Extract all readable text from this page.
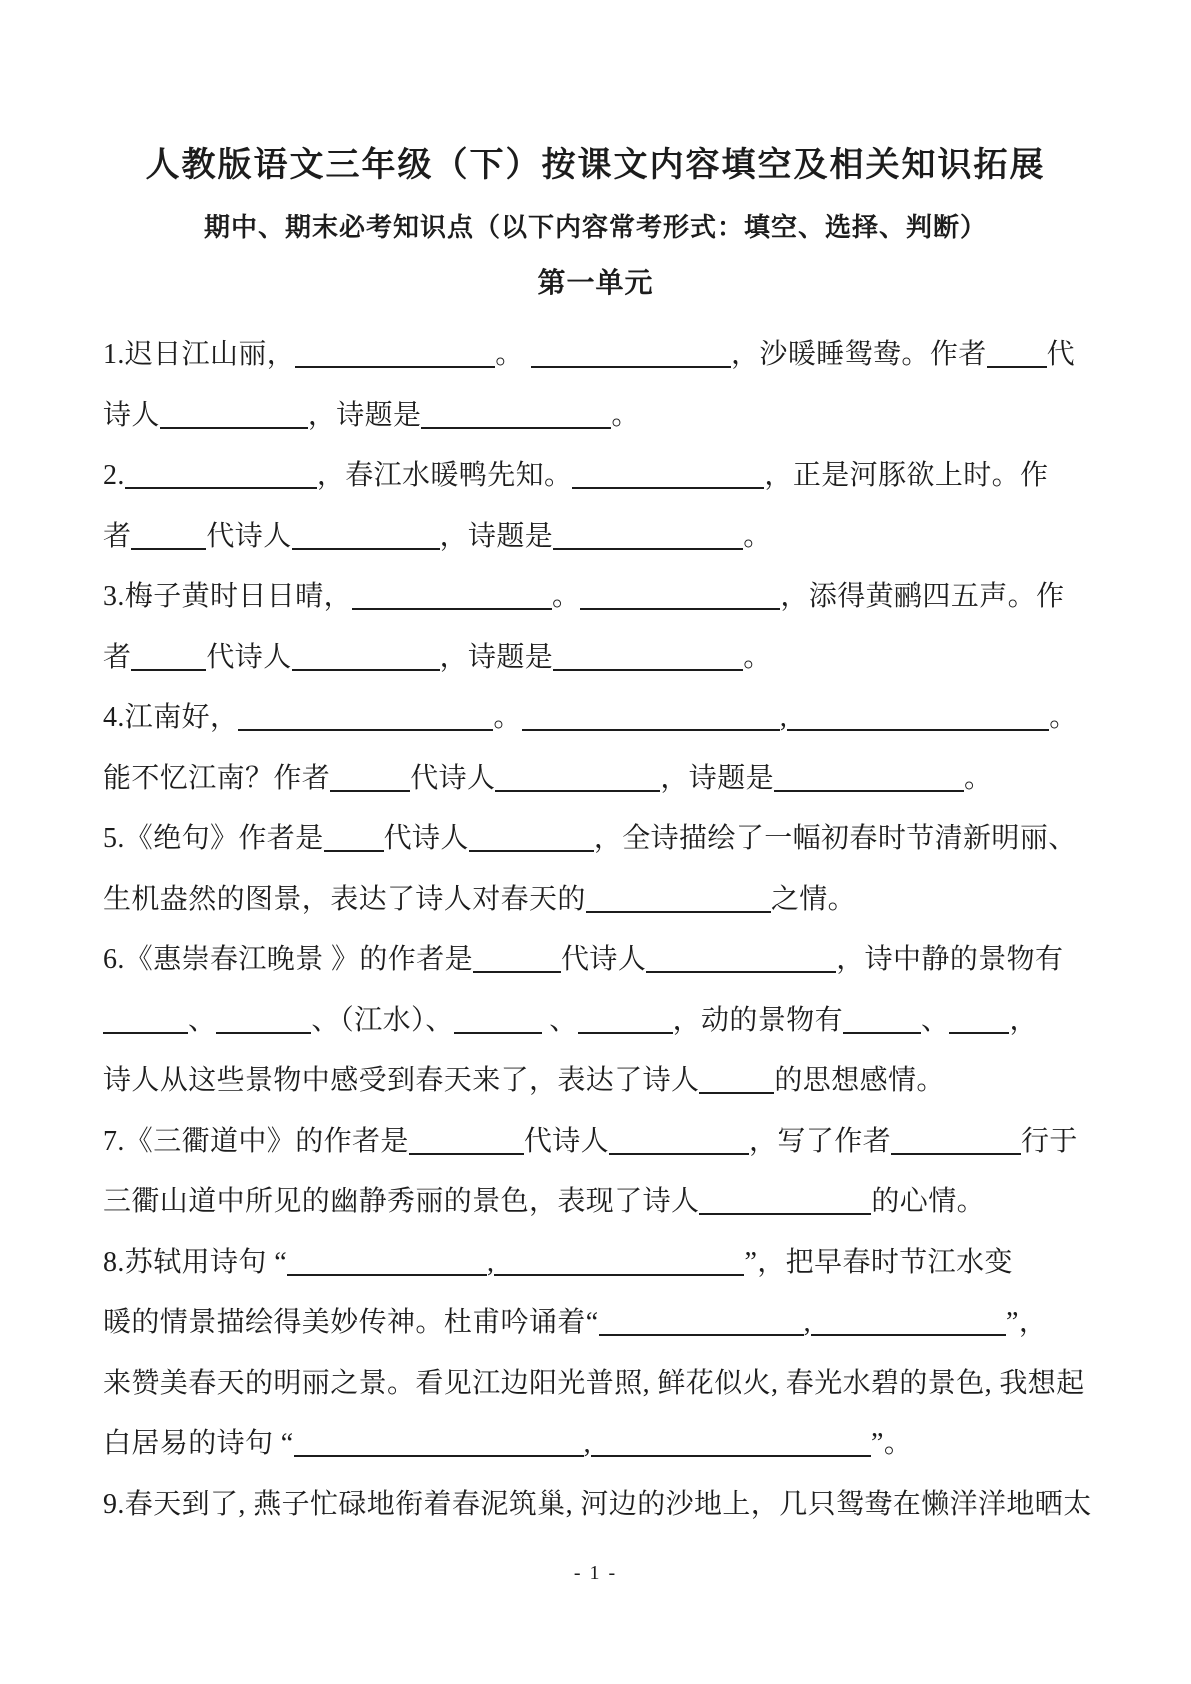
人教版语文三年级（下）按课文内容填空及相关知识拓展
期中、期末必考知识点（以下内容常考形式：填空、选择、判断）
第一单元
1.迟日江山丽，	。	，沙暖睡鸳鸯。作者 代
诗人	，诗题是	。
2.	，春江水暖鸭先知。	，正是河豚欲上时。作
者	代诗人	，诗题是	。
3.梅子黄时日日晴，	。	，添得黄鹂四五声。作
者	代诗人	，诗题是	。
4.江南好，	。	,	。
能不忆江南？作者	代诗人	，诗题是	。
5.《绝句》作者是 代诗人	，全诗描绘了一幅初春时节清新明丽、
生机盎然的图景，表达了诗人对春天的	之情。
6.《惠崇春江晚景 》的作者是	代诗人	，诗中静的景物有
、	、（江水）、	、	，动的景物有	、 ，
诗人从这些景物中感受到春天来了，表达了诗人	的思想感情。
7.《三衢道中》的作者是	代诗人	，写了作者	行于
三衢山道中所见的幽静秀丽的景色，表现了诗人	的心情。
8.苏轼用诗句 “	,	”，把早春时节江水变
暖的情景描绘得美妙传神。杜甫吟诵着“	,	”，
来赞美春天的明丽之景。看见江边阳光普照, 鲜花似火, 春光水碧的景色, 我想起
白居易的诗句 “	,	”。
9.春天到了, 燕子忙碌地衔着春泥筑巢, 河边的沙地上，几只鸳鸯在懒洋洋地晒太
- 1 -
